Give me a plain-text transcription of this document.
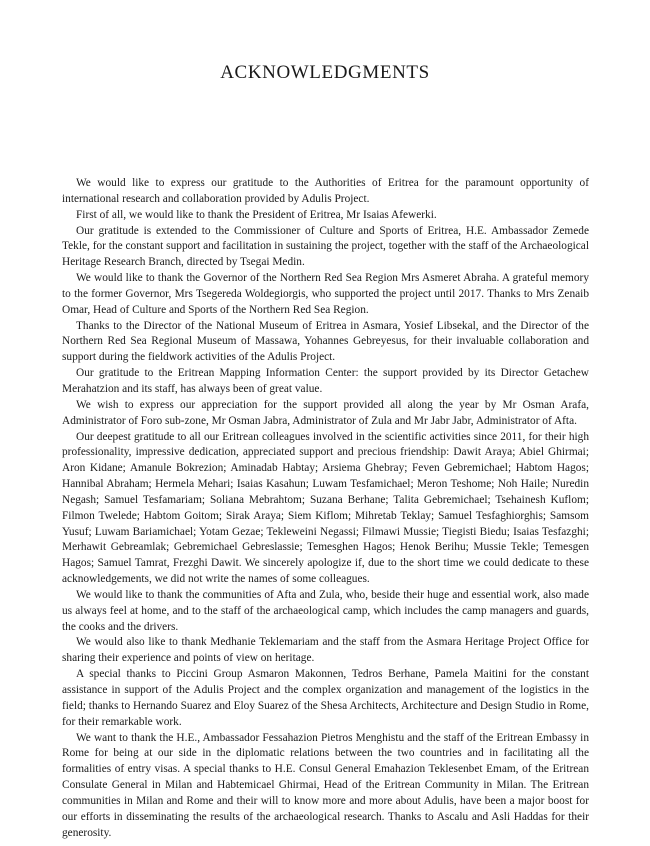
ACKNOWLEDGMENTS

We would like to express our gratitude to the Authorities of Eritrea for the paramount opportunity of international research and collaboration provided by Adulis Project.

First of all, we would like to thank the President of Eritrea, Mr Isaias Afewerki.

Our gratitude is extended to the Commissioner of Culture and Sports of Eritrea, H.E. Ambassador Zemede Tekle, for the constant support and facilitation in sustaining the project, together with the staff of the Archaeological Heritage Research Branch, directed by Tsegai Medin.

We would like to thank the Governor of the Northern Red Sea Region Mrs Asmeret Abraha. A grateful memory to the former Governor, Mrs Tsegereda Woldegiorgis, who supported the project until 2017. Thanks to Mrs Zenaib Omar, Head of Culture and Sports of the Northern Red Sea Region.

Thanks to the Director of the National Museum of Eritrea in Asmara, Yosief Libsekal, and the Director of the Northern Red Sea Regional Museum of Massawa, Yohannes Gebreyesus, for their invaluable collaboration and support during the fieldwork activities of the Adulis Project.

Our gratitude to the Eritrean Mapping Information Center: the support provided by its Director Getachew Merahatzion and its staff, has always been of great value.

We wish to express our appreciation for the support provided all along the year by Mr Osman Arafa, Administrator of Foro sub-zone, Mr Osman Jabra, Administrator of Zula and Mr Jabr Jabr, Administrator of Afta.

Our deepest gratitude to all our Eritrean colleagues involved in the scientific activities since 2011, for their high professionality, impressive dedication, appreciated support and precious friendship: Dawit Araya; Abiel Ghirmai; Aron Kidane; Amanule Bokrezion; Aminadab Habtay; Arsiema Ghebray; Feven Gebremichael; Habtom Hagos; Hannibal Abraham; Hermela Mehari; Isaias Kasahun; Luwam Tesfamichael; Meron Teshome; Noh Haile; Nuredin Negash; Samuel Tesfamariam; Soliana Mebrahtom; Suzana Berhane; Talita Gebremichael; Tsehainesh Kuflom; Filmon Twelede; Habtom Goitom; Sirak Araya; Siem Kiflom; Mihretab Teklay; Samuel Tesfaghiorghis; Samsom Yusuf; Luwam Bariamichael; Yotam Gezae; Tekleweini Negassi; Filmawi Mussie; Tiegisti Biedu; Isaias Tesfazghi; Merhawit Gebreamlak; Gebremichael Gebreslassie; Temesghen Hagos; Henok Berihu; Mussie Tekle; Temesgen Hagos; Samuel Tamrat, Frezghi Dawit. We sincerely apologize if, due to the short time we could dedicate to these acknowledgements, we did not write the names of some colleagues.

We would like to thank the communities of Afta and Zula, who, beside their huge and essential work, also made us always feel at home, and to the staff of the archaeological camp, which includes the camp managers and guards, the cooks and the drivers.

We would also like to thank Medhanie Teklemariam and the staff from the Asmara Heritage Project Office for sharing their experience and points of view on heritage.

A special thanks to Piccini Group Asmaron Makonnen, Tedros Berhane, Pamela Maitini for the constant assistance in support of the Adulis Project and the complex organization and management of the logistics in the field; thanks to Hernando Suarez and Eloy Suarez of the Shesa Architects, Architecture and Design Studio in Rome, for their remarkable work.

We want to thank the H.E., Ambassador Fessahazion Pietros Menghistu and the staff of the Eritrean Embassy in Rome for being at our side in the diplomatic relations between the two countries and in facilitating all the formalities of entry visas. A special thanks to H.E. Consul General Emahazion Teklesenbet Emam, of the Eritrean Consulate General in Milan and Habtemicael Ghirmai, Head of the Eritrean Community in Milan. The Eritrean communities in Milan and Rome and their will to know more and more about Adulis, have been a major boost for our efforts in disseminating the results of the archaeological research. Thanks to Ascalu and Asli Haddas for their generosity.
